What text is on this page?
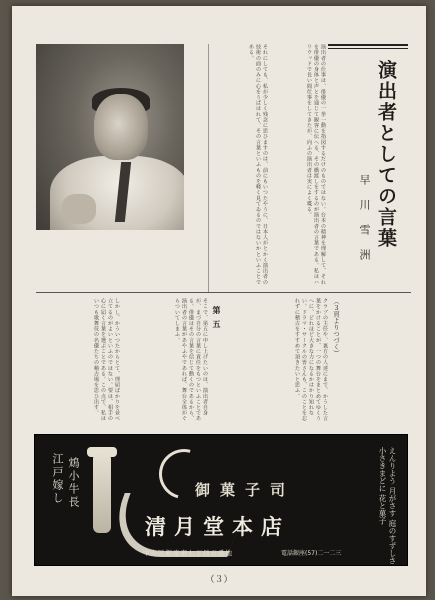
それにしても、私が少しく残念に思ひますのは、前にもいつたやうに、日本人がとかく演出者の技術の面のみに心をうばはれて、その言葉といふものを軽く見てゐるのではないかといふことである。	演出者の仕事は、俳優の一挙一動を指図するだけのものではない。台本の精神を理解して、それを俳優の身体と声とを通じて観客に伝へる、その橋渡しをするのが演出者の言葉である。私はハリウッドで長い間仕事をしてきたが、向ふの演出者は実によく喋る。	演出者としての言葉
早川雪洲
（３頁よりつづく）
クラブの主任や、裏方の人達にまで、かうした言葉をかけることが、一つの舞台をまとめてゆくうへに、どれほど大きな力になるかはかり知れない。ドラマ・サークルの皆さんも、このことを忘れずに稽古をすすめて頂きたいと思ふ。
第五
そこで、第五に申し上げたいのは、演出者自身が、まづ自分の言葉に責任をもつといふことである。俳優はその言葉を信じて動くのであるから、演出者の言葉があやふやであれば、舞台全体がぐらついてしまふ。
しかし、かういつたからとて、理屈ばかりを並べ立てるのがよいといふのではない。要は、相手の心に届く言葉を選ぶことである。この点で、私はいつも歌舞伎の名優たちの稽古場を思ひ出す。
江戸嫁し 鴆小牛長	御菓子司
清月堂本店
中央区銀座東七丁目五番地	電話銀座(57)二一二三	えんりよう 月がさす 庭のすずしさ 小さきまどに 花と菓子
（３）
